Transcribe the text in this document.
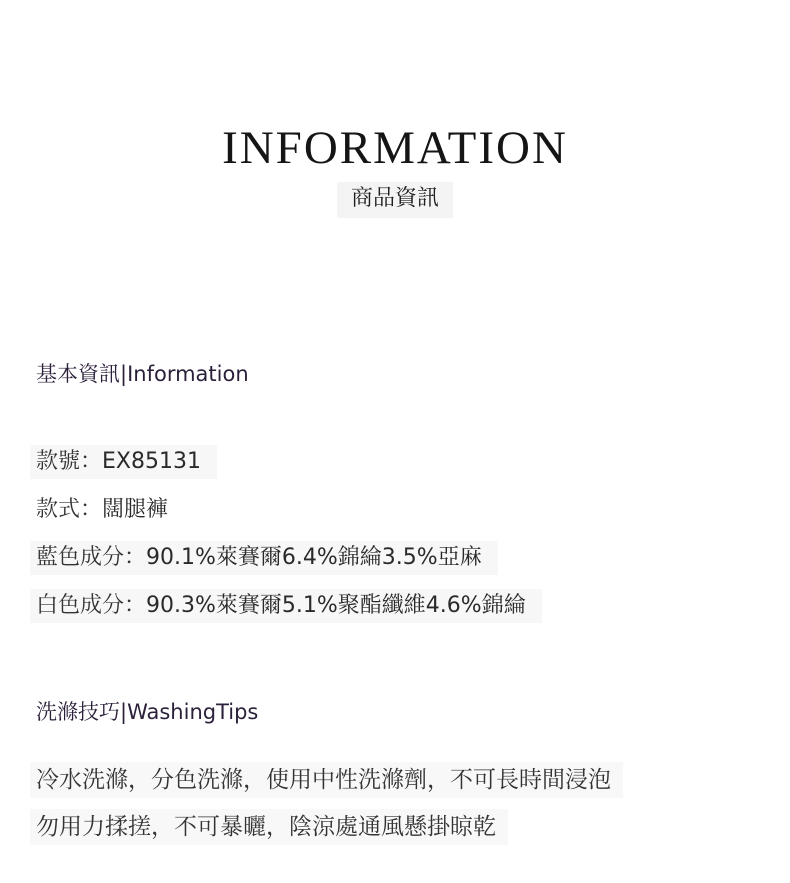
INFORMATION
商品資訊
基本資訊|Information
款號：EX85131
款式：闊腿褲
藍色成分：90.1%萊賽爾6.4%錦綸3.5%亞麻
白色成分：90.3%萊賽爾5.1%聚酯纖維4.6%錦綸
洗滌技巧|WashingTips
冷水洗滌，分色洗滌，使用中性洗滌劑，不可長時間浸泡
勿用力揉搓，不可暴曬，陰涼處通風懸掛晾乾
